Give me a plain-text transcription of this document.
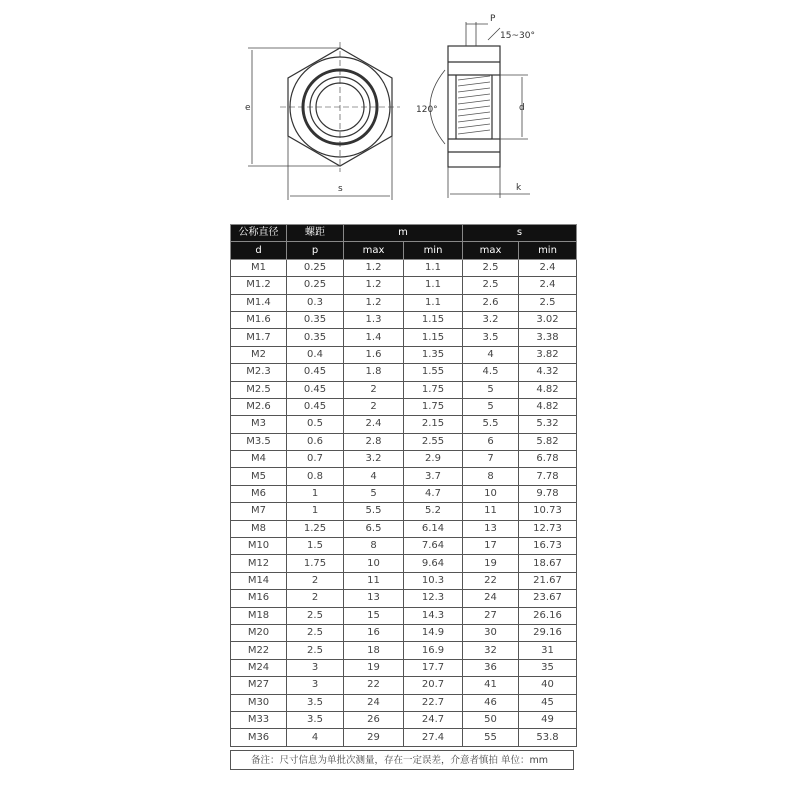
e
s
P
15~30°
120°	d
k
公称直径	螺距	m		s	
d	p	max	min	max	min
M1	0.25	1.2	1.1	2.5	2.4
M1.2	0.25	1.2	1.1	2.5	2.4
M1.4	0.3	1.2	1.1	2.6	2.5
M1.6	0.35	1.3	1.15	3.2	3.02
M1.7	0.35	1.4	1.15	3.5	3.38
M2	0.4	1.6	1.35	4	3.82
M2.3	0.45	1.8	1.55	4.5	4.32
M2.5	0.45	2	1.75	5	4.82
M2.6	0.45	2	1.75	5	4.82
M3	0.5	2.4	2.15	5.5	5.32
M3.5	0.6	2.8	2.55	6	5.82
M4	0.7	3.2	2.9	7	6.78
M5	0.8	4	3.7	8	7.78
M6	1	5	4.7	10	9.78
M7	1	5.5	5.2	11	10.73
M8	1.25	6.5	6.14	13	12.73
M10	1.5	8	7.64	17	16.73
M12	1.75	10	9.64	19	18.67
M14	2	11	10.3	22	21.67
M16	2	13	12.3	24	23.67
M18	2.5	15	14.3	27	26.16
M20	2.5	16	14.9	30	29.16
M22	2.5	18	16.9	32	31
M24	3	19	17.7	36	35
M27	3	22	20.7	41	40
M30	3.5	24	22.7	46	45
M33	3.5	26	24.7	50	49
M36	4	29	27.4	55	53.8
备注：尺寸信息为单批次测量，存在一定误差，介意者慎拍 单位：mm
